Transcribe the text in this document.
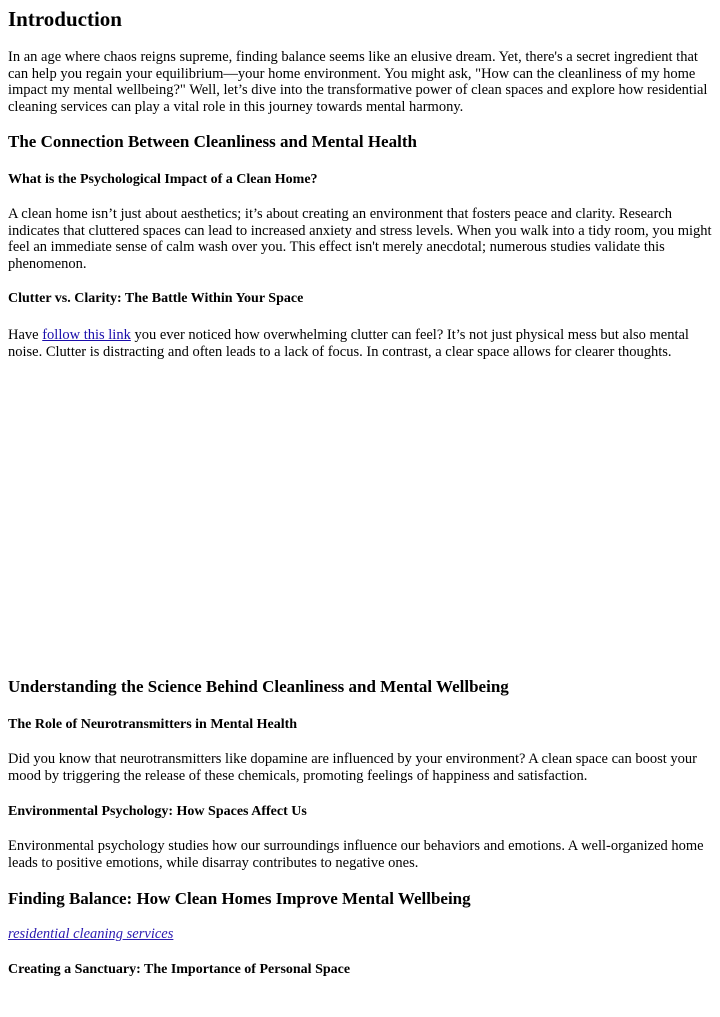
Introduction

In an age where chaos reigns supreme, finding balance seems like an elusive dream. Yet, there's a secret ingredient that can help you regain your equilibrium—your home environment. You might ask, "How can the cleanliness of my home impact my mental wellbeing?" Well, let’s dive into the transformative power of clean spaces and explore how residential cleaning services can play a vital role in this journey towards mental harmony.

The Connection Between Cleanliness and Mental Health
What is the Psychological Impact of a Clean Home?

A clean home isn’t just about aesthetics; it’s about creating an environment that fosters peace and clarity. Research indicates that cluttered spaces can lead to increased anxiety and stress levels. When you walk into a tidy room, you might feel an immediate sense of calm wash over you. This effect isn't merely anecdotal; numerous studies validate this phenomenon.

Clutter vs. Clarity: The Battle Within Your Space

Have follow this link you ever noticed how overwhelming clutter can feel? It’s not just physical mess but also mental noise. Clutter is distracting and often leads to a lack of focus. In contrast, a clear space allows for clearer thoughts.

Understanding the Science Behind Cleanliness and Mental Wellbeing
The Role of Neurotransmitters in Mental Health

Did you know that neurotransmitters like dopamine are influenced by your environment? A clean space can boost your mood by triggering the release of these chemicals, promoting feelings of happiness and satisfaction.

Environmental Psychology: How Spaces Affect Us

Environmental psychology studies how our surroundings influence our behaviors and emotions. A well-organized home leads to positive emotions, while disarray contributes to negative ones.

Finding Balance: How Clean Homes Improve Mental Wellbeing

residential cleaning services

Creating a Sanctuary: The Importance of Personal Space
